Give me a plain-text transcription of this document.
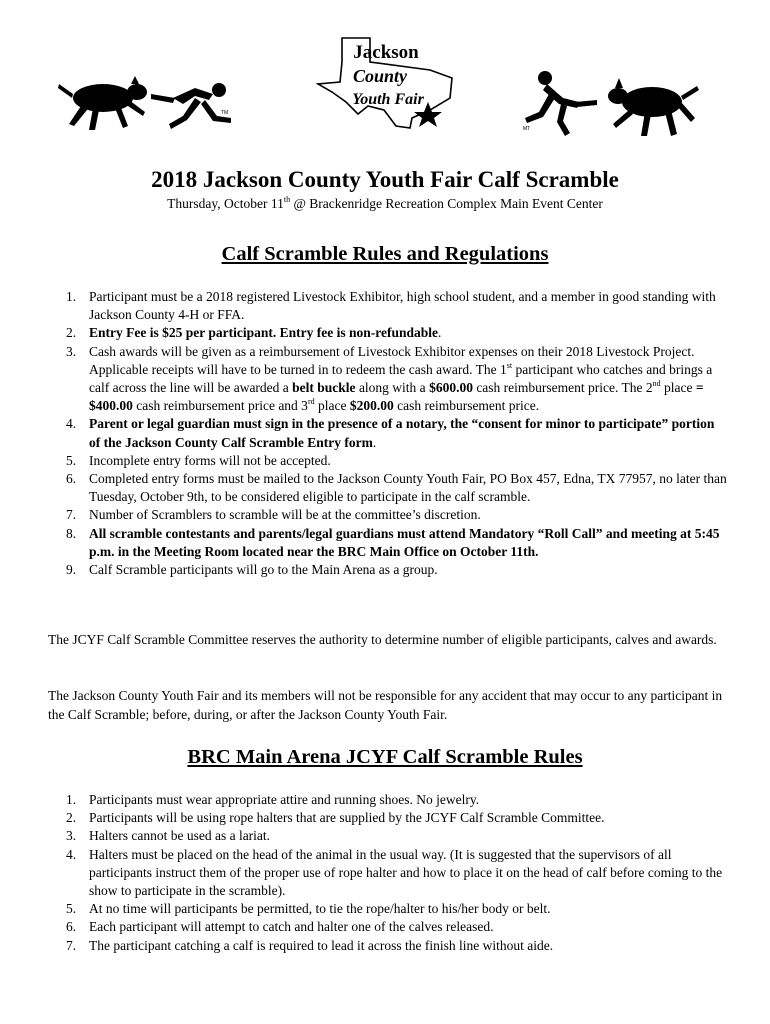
TM
Jackson
County
Youth Fair
MT
2018 Jackson County Youth Fair Calf Scramble
Thursday, October 11th @ Brackenridge Recreation Complex Main Event Center
Calf Scramble Rules and Regulations
1. Participant must be a 2018 registered Livestock Exhibitor, high school student, and a member in good standing with Jackson County 4-H or FFA.
2. Entry Fee is $25 per participant. Entry fee is non-refundable.
3. Cash awards will be given as a reimbursement of Livestock Exhibitor expenses on their 2018 Livestock Project. Applicable receipts will have to be turned in to redeem the cash award. The 1st participant who catches and brings a calf across the line will be awarded a belt buckle along with a $600.00 cash reimbursement price. The 2nd place = $400.00 cash reimbursement price and 3rd place $200.00 cash reimbursement price.
4. Parent or legal guardian must sign in the presence of a notary, the “consent for minor to participate” portion of the Jackson County Calf Scramble Entry form.
5. Incomplete entry forms will not be accepted.
6. Completed entry forms must be mailed to the Jackson County Youth Fair, PO Box 457, Edna, TX 77957, no later than Tuesday, October 9th, to be considered eligible to participate in the calf scramble.
7. Number of Scramblers to scramble will be at the committee’s discretion.
8. All scramble contestants and parents/legal guardians must attend Mandatory “Roll Call” and meeting at 5:45 p.m. in the Meeting Room located near the BRC Main Office on October 11th.
9. Calf Scramble participants will go to the Main Arena as a group.

The JCYF Calf Scramble Committee reserves the authority to determine number of eligible participants, calves and awards.

The Jackson County Youth Fair and its members will not be responsible for any accident that may occur to any participant in the Calf Scramble; before, during, or after the Jackson County Youth Fair.

BRC Main Arena JCYF Calf Scramble Rules
1. Participants must wear appropriate attire and running shoes. No jewelry.
2. Participants will be using rope halters that are supplied by the JCYF Calf Scramble Committee.
3. Halters cannot be used as a lariat.
4. Halters must be placed on the head of the animal in the usual way. (It is suggested that the supervisors of all participants instruct them of the proper use of rope halter and how to place it on the head of calf before coming to the show to participate in the scramble).
5. At no time will participants be permitted, to tie the rope/halter to his/her body or belt.
6. Each participant will attempt to catch and halter one of the calves released.
7. The participant catching a calf is required to lead it across the finish line without aide.
